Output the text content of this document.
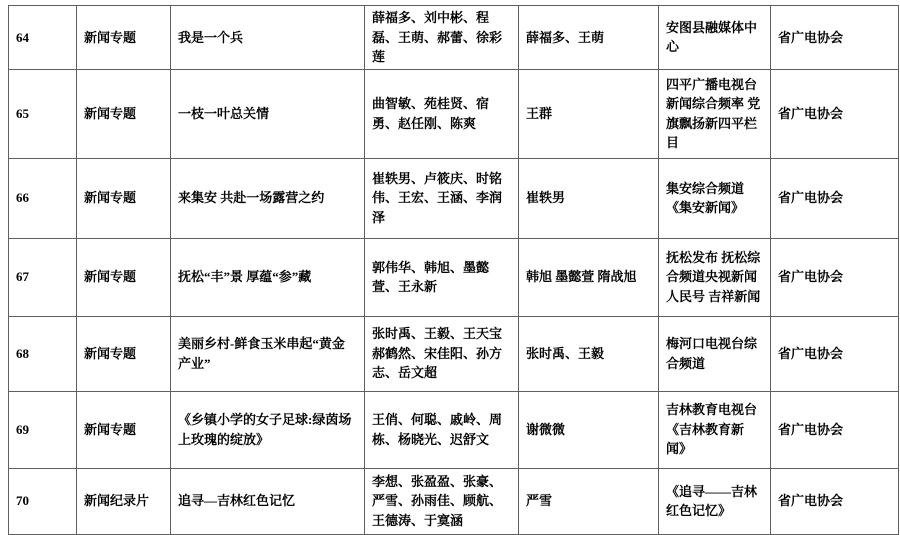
64	新闻专题	我是一个兵	薛福多、刘中彬、程磊、王萌、郝蕾、徐彩莲	薛福多、王萌	安图县融媒体中心	省广电协会
65	新闻专题	一枝一叶总关情	曲智敏、苑桂贤、宿勇、赵任刚、陈爽	王群	四平广播电视台新闻综合频率 党旗飘扬新四平栏目	省广电协会
66	新闻专题	来集安 共赴一场露营之约	崔轶男、卢筱庆、时铭伟、王宏、王涵、李润泽	崔轶男	集安综合频道《集安新闻》	省广电协会
67	新闻专题	抚松“丰”景 厚蕴“参”藏	郭伟华、韩旭、墨懿萱、王永新	韩旭 墨懿萱 隋战旭	抚松发布 抚松综合频道央视新闻 人民号 吉祥新闻	省广电协会
68	新闻专题	美丽乡村-鲜食玉米串起“黄金产业”	张时禹、王毅、王天宝郝鹤然、宋佳阳、孙方志、岳文超	张时禹、王毅	梅河口电视台综合频道	省广电协会
69	新闻专题	《乡镇小学的女子足球:绿茵场上玫瑰的绽放》	王俏、何聪、戚岭、周栋、杨晓光、迟舒文	谢微微	吉林教育电视台《吉林教育新闻》	省广电协会
70	新闻纪录片	追寻—吉林红色记忆	李想、张盈盈、张豪、严雪、孙雨佳、顾航、王德涛、于寞涵	严雪	《追寻——吉林红色记忆》	省广电协会
